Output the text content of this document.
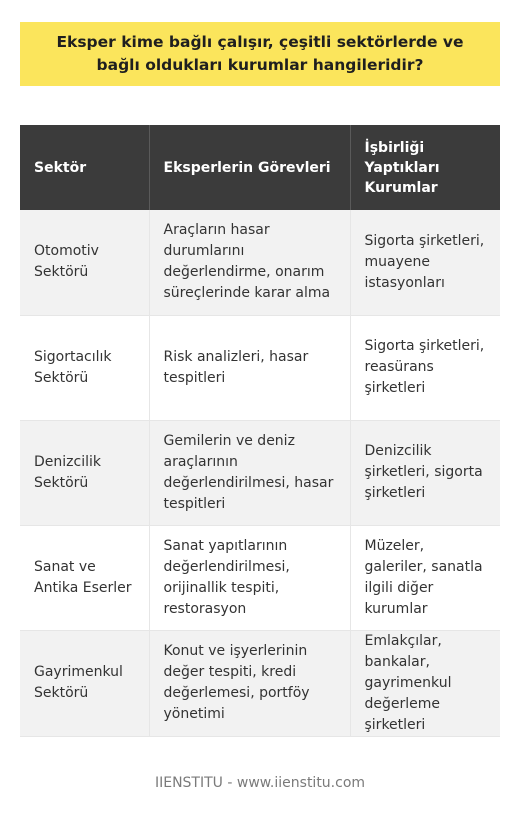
Eksper kime bağlı çalışır, çeşitli sektörlerde ve bağlı oldukları kurumlar hangileridir?
Sektör	Eksperlerin Görevleri	İşbirliği Yaptıkları Kurumlar
Otomotiv Sektörü	Araçların hasar durumlarını değerlendirme, onarım süreçlerinde karar alma	Sigorta şirketleri, muayene istasyonları
Sigortacılık Sektörü	Risk analizleri, hasar tespitleri	Sigorta şirketleri, reasürans şirketleri
Denizcilik Sektörü	Gemilerin ve deniz araçlarının değerlendirilmesi, hasar tespitleri	Denizcilik şirketleri, sigorta şirketleri
Sanat ve Antika Eserler	Sanat yapıtlarının değerlendirilmesi, orijinallik tespiti, restorasyon	Müzeler, galeriler, sanatla ilgili diğer kurumlar
Gayrimenkul Sektörü	Konut ve işyerlerinin değer tespiti, kredi değerlemesi, portföy yönetimi	Emlakçılar, bankalar, gayrimenkul değerleme şirketleri
IIENSTITU - www.iienstitu.com
